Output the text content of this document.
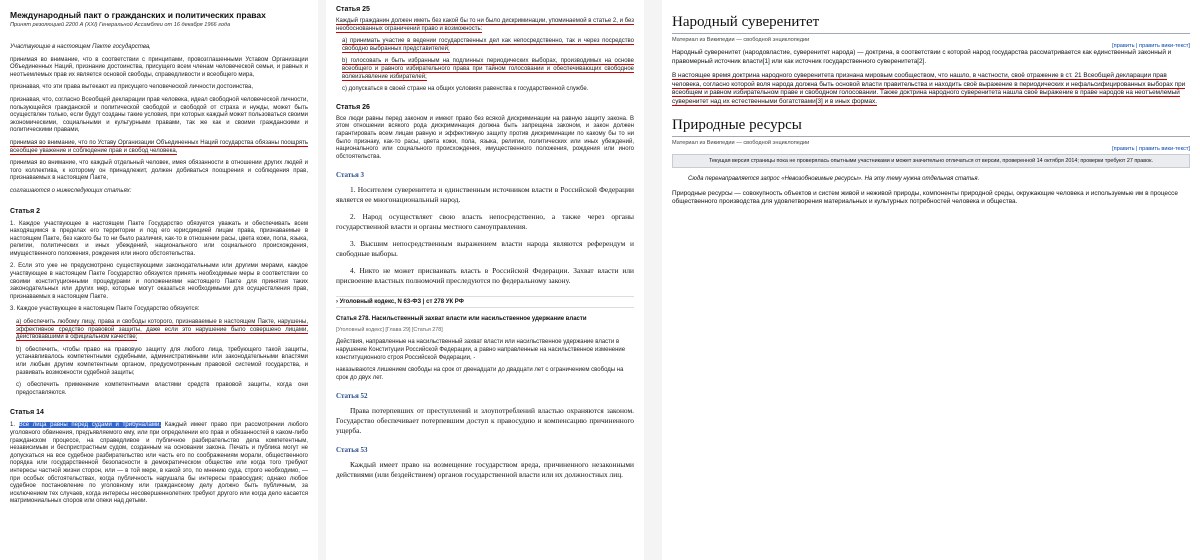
Международный пакт о гражданских и политических правах
Принят резолюцией 2200 A (XXI) Генеральной Ассамблеи от 16 декабря 1966 года

Участвующие в настоящем Пакте государства,

принимая во внимание, что в соответствии с принципами, провозглашенными Уставом Организации Объединенных Наций, признание достоинства, присущего всем членам человеческой семьи, и равных и неотъемлемых прав их является основой свободы, справедливости и всеобщего мира,

признавая, что эти права вытекают из присущего человеческой личности достоинства,

признавая, что, согласно Всеобщей декларации прав человека, идеал свободной человеческой личности, пользующейся гражданской и политической свободой и свободой от страха и нужды, может быть осуществлен только, если будут созданы такие условия, при которых каждый может пользоваться своими экономическими, социальными и культурными правами, так же как и своими гражданскими и политическими правами,

принимая во внимание, что по Уставу Организации Объединенных Наций государства обязаны поощрять всеобщее уважение и соблюдение прав и свобод человека,

принимая во внимание, что каждый отдельный человек, имея обязанности в отношении других людей и того коллектива, к которому он принадлежит, должен добиваться поощрения и соблюдения прав, признаваемых в настоящем Пакте,

соглашаются о нижеследующих статьях:

Статья 2

1. Каждое участвующее в настоящем Пакте Государство обязуется уважать и обеспечивать всем находящимся в пределах его территории и под его юрисдикцией лицам права, признаваемые в настоящем Пакте, без какого бы то ни было различия, как-то в отношении расы, цвета кожи, пола, языка, религии, политических и иных убеждений, национального или социального происхождения, имущественного положения, рождения или иного обстоятельства.

2. Если это уже не предусмотрено существующими законодательными или другими мерами, каждое участвующее в настоящем Пакте Государство обязуется принять необходимые меры в соответствии со своими конституционными процедурами и положениями настоящего Пакте для принятия таких законодательных или других мер, которые могут оказаться необходимыми для осуществления прав, признаваемых в настоящем Пакте.

3. Каждое участвующее в настоящем Пакте Государство обязуется:

a) обеспечить любому лицу, права и свободы которого, признаваемые в настоящем Пакте, нарушены, эффективное средство правовой защиты, даже если это нарушение было совершено лицами, действовавшими в официальном качестве;

b) обеспечить, чтобы право на правовую защиту для любого лица, требующего такой защиты, устанавливалось компетентными судебными, административными или законодательными властями или любым другим компетентным органом, предусмотренным правовой системой государства, и развивать возможности судебной защиты;

c) обеспечить применение компетентными властями средств правовой защиты, когда они предоставляются.

Статья 14

1. Все лица равны перед судами и трибуналами. Каждый имеет право при рассмотрении любого уголовного обвинения, предъявляемого ему, или при определении его прав и обязанностей в каком-либо гражданском процессе, на справедливое и публичное разбирательство дела компетентным, независимым и беспристрастным судом, созданным на основании закона. Печать и публика могут не допускаться на все судебное разбирательство или часть его по соображениям морали, общественного порядка или государственной безопасности в демократическом обществе или когда того требуют интересы частной жизни сторон, или — в той мере, в какой это, по мнению суда, строго необходимо, — при особых обстоятельствах, когда публичность нарушала бы интересы правосудия; однако любое судебное постановление по уголовному или гражданскому делу должно быть публичным, за исключением тех случаев, когда интересы несовершеннолетних требуют другого или когда дело касается матримониальных споров или опеки над детьми.

Статья 25

Каждый гражданин должен иметь без какой бы то ни было дискриминации, упоминаемой в статье 2, и без необоснованных ограничений право и возможность:

a) принимать участие в ведении государственных дел как непосредственно, так и через посредство свободно выбранных представителей;

b) голосовать и быть избранным на подлинных периодических выборах, производимых на основе всеобщего и равного избирательного права при тайном голосовании и обеспечивающих свободное волеизъявление избирателей;

c) допускаться в своей стране на общих условиях равенства к государственной службе.

Статья 26

Все люди равны перед законом и имеют право без всякой дискриминации на равную защиту закона. В этом отношении всякого рода дискриминация должна быть запрещена законом, и закон должен гарантировать всем лицам равную и эффективную защиту против дискриминации по какому бы то ни было признаку, как-то расы, цвета кожи, пола, языка, религии, политических или иных убеждений, национального или социального происхождения, имущественного положения, рождения или иного обстоятельства.

Статья 3

1. Носителем суверенитета и единственным источником власти в Российской Федерации является ее многонациональный народ.

2. Народ осуществляет свою власть непосредственно, а также через органы государственной власти и органы местного самоуправления.

3. Высшим непосредственным выражением власти народа являются референдум и свободные выборы.

4. Никто не может присваивать власть в Российской Федерации. Захват власти или присвоение властных полномочий преследуются по федеральному закону.

› Уголовный кодекс, N 63-ФЗ | ст 278 УК РФ
Статья 278. Насильственный захват власти или насильственное удержание власти
[Уголовный кодекс] [Глава 29] [Статья 278]

Действия, направленные на насильственный захват власти или насильственное удержание власти в нарушение Конституции Российской Федерации, а равно направленные на насильственное изменение конституционного строя Российской Федерации, -

наказываются лишением свободы на срок от двенадцати до двадцати лет с ограничением свободы на срок до двух лет.

Статья 52

Права потерпевших от преступлений и злоупотреблений властью охраняются законом. Государство обеспечивает потерпевшим доступ к правосудию и компенсацию причиненного ущерба.

Статья 53

Каждый имеет право на возмещение государством вреда, причиненного незаконными действиями (или бездействием) органов государственной власти или их должностных лиц.

Народный суверенитет
Материал из Википедии — свободной энциклопедии
[править | править вики-текст]

Народный суверенитет (народовластие, суверенитет народа) — доктрина, в соответствии с которой народ государства рассматривается как единственный законный и правомерный источник власти[1] или как источник государственного суверенитета[2].

В настоящее время доктрина народного суверенитета признана мировым сообществом, что нашло, в частности, своё отражение в ст. 21 Всеобщей декларации прав человека, согласно которой воля народа должна быть основой власти правительства и находить своё выражение в периодических и нефальсифицированных выборах при всеобщем и равном избирательном праве и свободном голосовании. Также доктрина народного суверенитета нашла своё выражение в праве народов на неотъемлемый суверенитет над их естественными богатствами[3] и в иных формах.

Природные ресурсы
Материал из Википедии — свободной энциклопедии
[править | править вики-текст]
Текущая версия страницы пока не проверялась опытными участниками и может значительно отличаться от версии, проверенной 14 октября 2014; проверки требуют 27 правок.
Сюда перенаправляется запрос «Невозобновимые ресурсы». На эту тему нужна отдельная статья.

Природные ресурсы — совокупность объектов и систем живой и неживой природы, компоненты природной среды, окружающие человека и используемые им в процессе общественного производства для удовлетворения материальных и культурных потребностей человека и общества.
